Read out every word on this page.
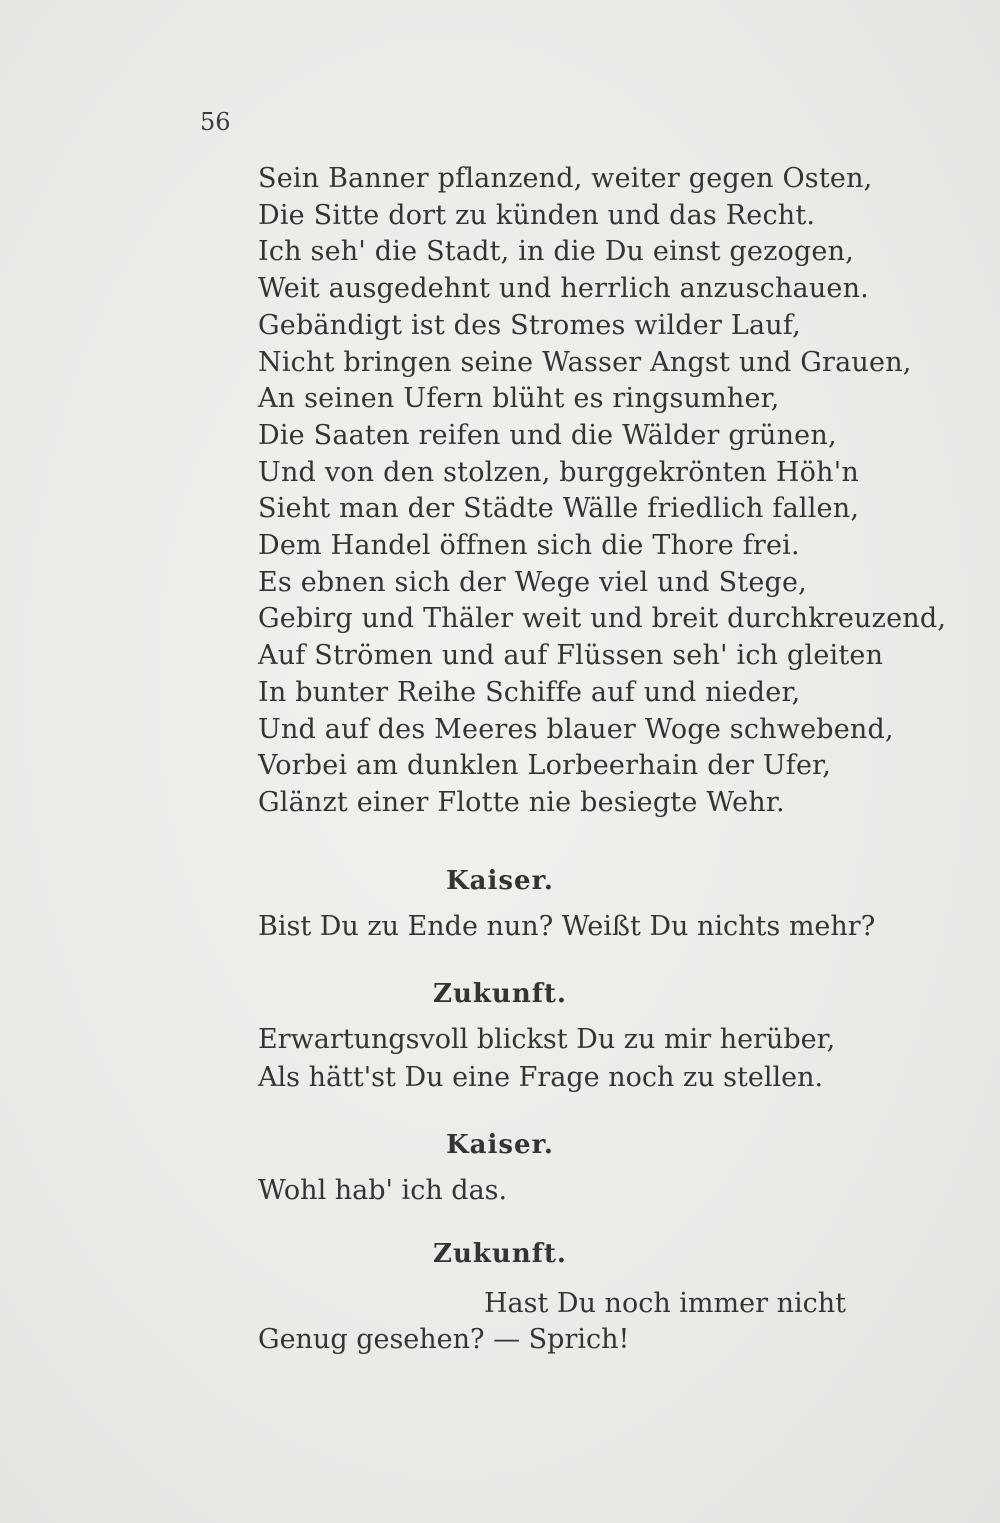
56
Sein Banner pflanzend, weiter gegen Osten,
Die Sitte dort zu künden und das Recht.
Ich seh' die Stadt, in die Du einst gezogen,
Weit ausgedehnt und herrlich anzuschauen.
Gebändigt ist des Stromes wilder Lauf,
Nicht bringen seine Wasser Angst und Grauen,
An seinen Ufern blüht es ringsumher,
Die Saaten reifen und die Wälder grünen,
Und von den stolzen, burggekrönten Höh'n
Sieht man der Städte Wälle friedlich fallen,
Dem Handel öffnen sich die Thore frei.
Es ebnen sich der Wege viel und Stege,
Gebirg und Thäler weit und breit durchkreuzend,
Auf Strömen und auf Flüssen seh' ich gleiten
In bunter Reihe Schiffe auf und nieder,
Und auf des Meeres blauer Woge schwebend,
Vorbei am dunklen Lorbeerhain der Ufer,
Glänzt einer Flotte nie besiegte Wehr.
Kaiser.
Bist Du zu Ende nun? Weißt Du nichts mehr?
Zukunft.
Erwartungsvoll blickst Du zu mir herüber,
Als hätt'st Du eine Frage noch zu stellen.
Kaiser.
Wohl hab' ich das.
Zukunft.
Hast Du noch immer nicht
Genug gesehen? — Sprich!
